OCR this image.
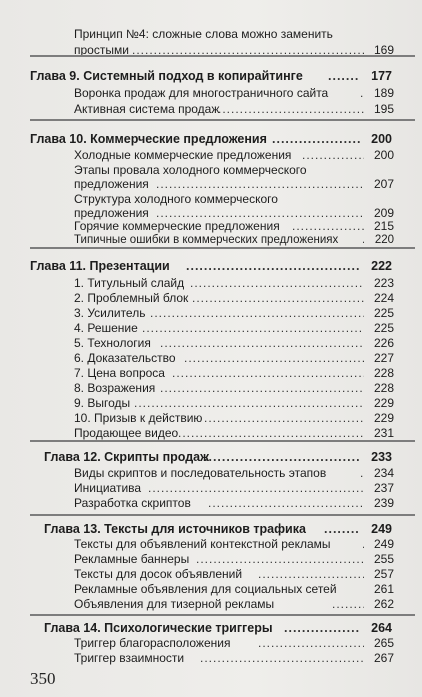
Принцип №4: сложные слова можно заменить
простыми .....	169
Глава 9. Системный подход в копирайтинге .....	177
Воронка продаж для многостраничного сайта .....	189
Активная система продаж .....	195
Глава 10. Коммерческие предложения .....	200
Холодные коммерческие предложения .....	200
Этапы провала холодного коммерческого
предложения .....	207
Структура холодного коммерческого
предложения .....	209
Горячие коммерческие предложения .....	215
Типичные ошибки в коммерческих предложениях .....	220
Глава 11. Презентации .....	222
1. Титульный слайд .....	223
2. Проблемный блок .....	224
3. Усилитель .....	225
4. Решение .....	225
5. Технология .....	226
6. Доказательство .....	227
7. Цена вопроса .....	228
8. Возражения .....	228
9. Выгоды .....	229
10. Призыв к действию .....	229
Продающее видео .....	231
Глава 12. Скрипты продаж .....	233
Виды скриптов и последовательность этапов .....	234
Инициатива .....	237
Разработка скриптов .....	239
Глава 13. Тексты для источников трафика .....	249
Тексты для объявлений контекстной рекламы .....	249
Рекламные баннеры .....	255
Тексты для досок объявлений .....	257
Рекламные объявления для социальных сетей	261
Объявления для тизерной рекламы .....	262
Глава 14. Психологические триггеры .....	264
Триггер благорасположения .....	265
Триггер взаимности .....	267
350
